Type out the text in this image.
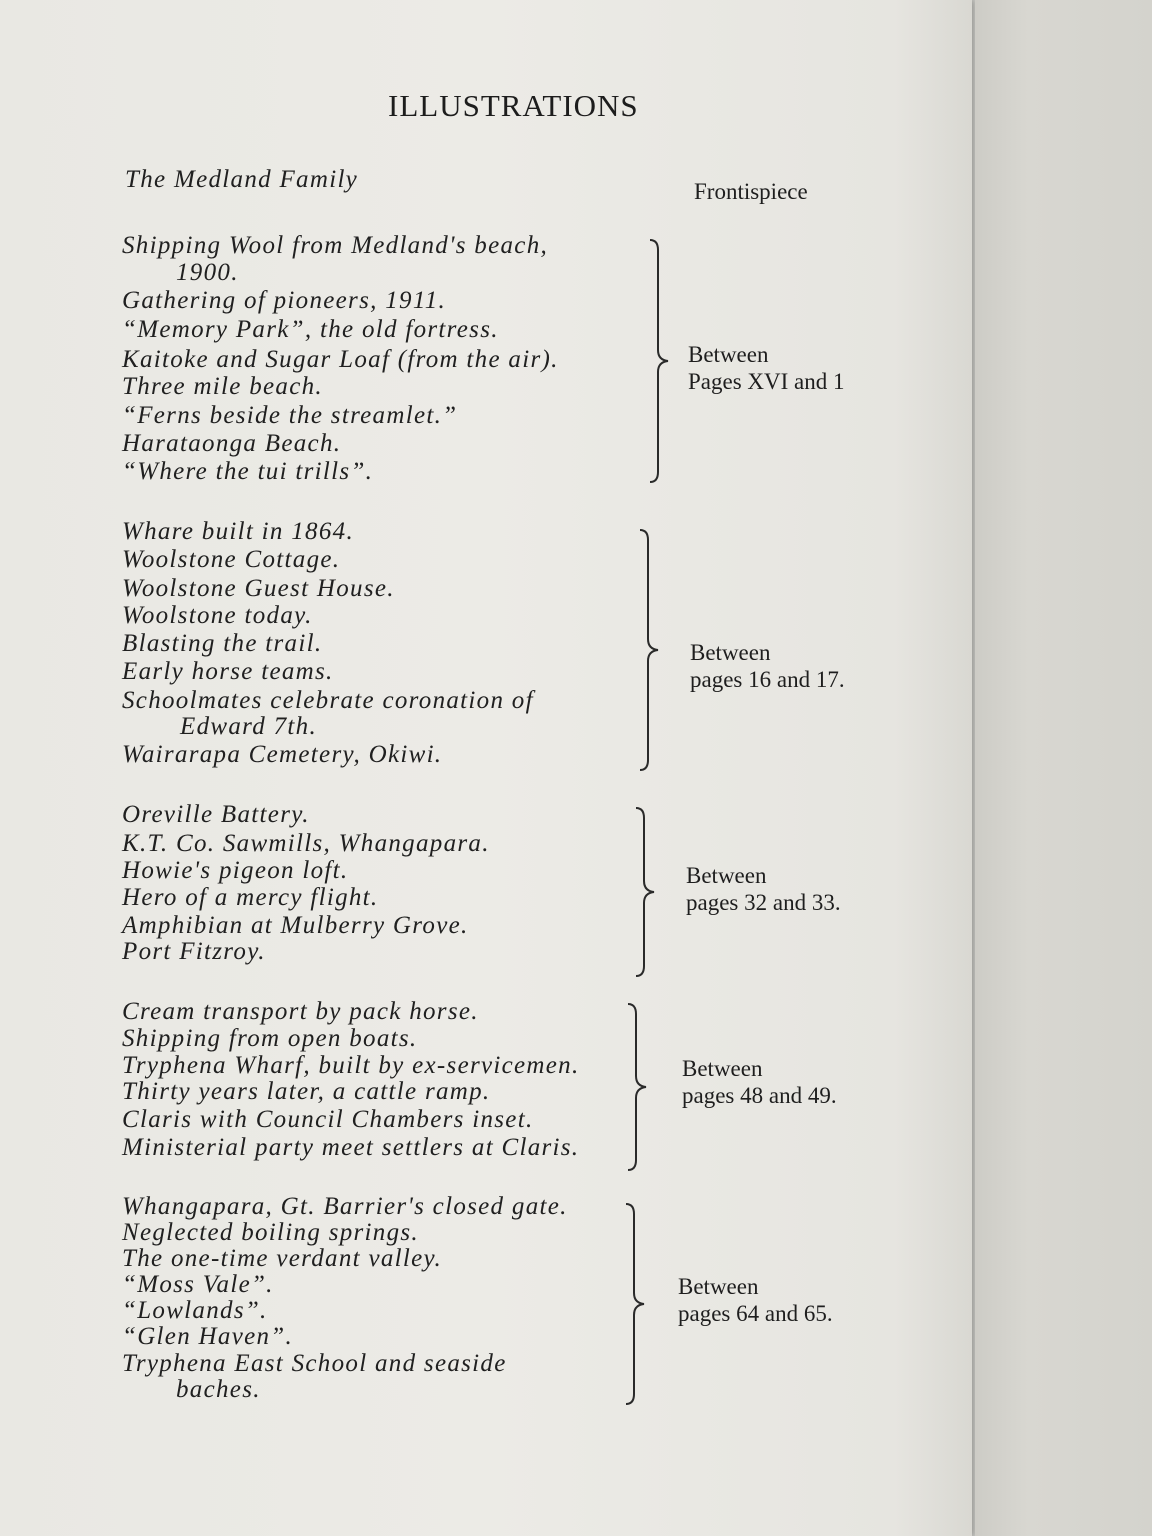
ILLUSTRATIONS
The Medland Family	Frontispiece
Shipping Wool from Medland's beach,
1900.
Gathering of pioneers, 1911.
“Memory Park”, the old fortress.
Kaitoke and Sugar Loaf (from the air).
Three mile beach.
“Ferns beside the streamlet.”
Harataonga Beach.
“Where the tui trills”.
Between
Pages XVI and 1
Whare built in 1864.
Woolstone Cottage.
Woolstone Guest House.
Woolstone today.
Blasting the trail.
Early horse teams.
Schoolmates celebrate coronation of
Edward 7th.
Wairarapa Cemetery, Okiwi.
Between
pages 16 and 17.
Oreville Battery.
K.T. Co. Sawmills, Whangapara.
Howie's pigeon loft.
Hero of a mercy flight.
Amphibian at Mulberry Grove.
Port Fitzroy.
Between
pages 32 and 33.
Cream transport by pack horse.
Shipping from open boats.
Tryphena Wharf, built by ex-servicemen.
Thirty years later, a cattle ramp.
Claris with Council Chambers inset.
Ministerial party meet settlers at Claris.
Between
pages 48 and 49.
Whangapara, Gt. Barrier's closed gate.
Neglected boiling springs.
The one-time verdant valley.
“Moss Vale”.
“Lowlands”.
“Glen Haven”.
Tryphena East School and seaside
baches.
Between
pages 64 and 65.
